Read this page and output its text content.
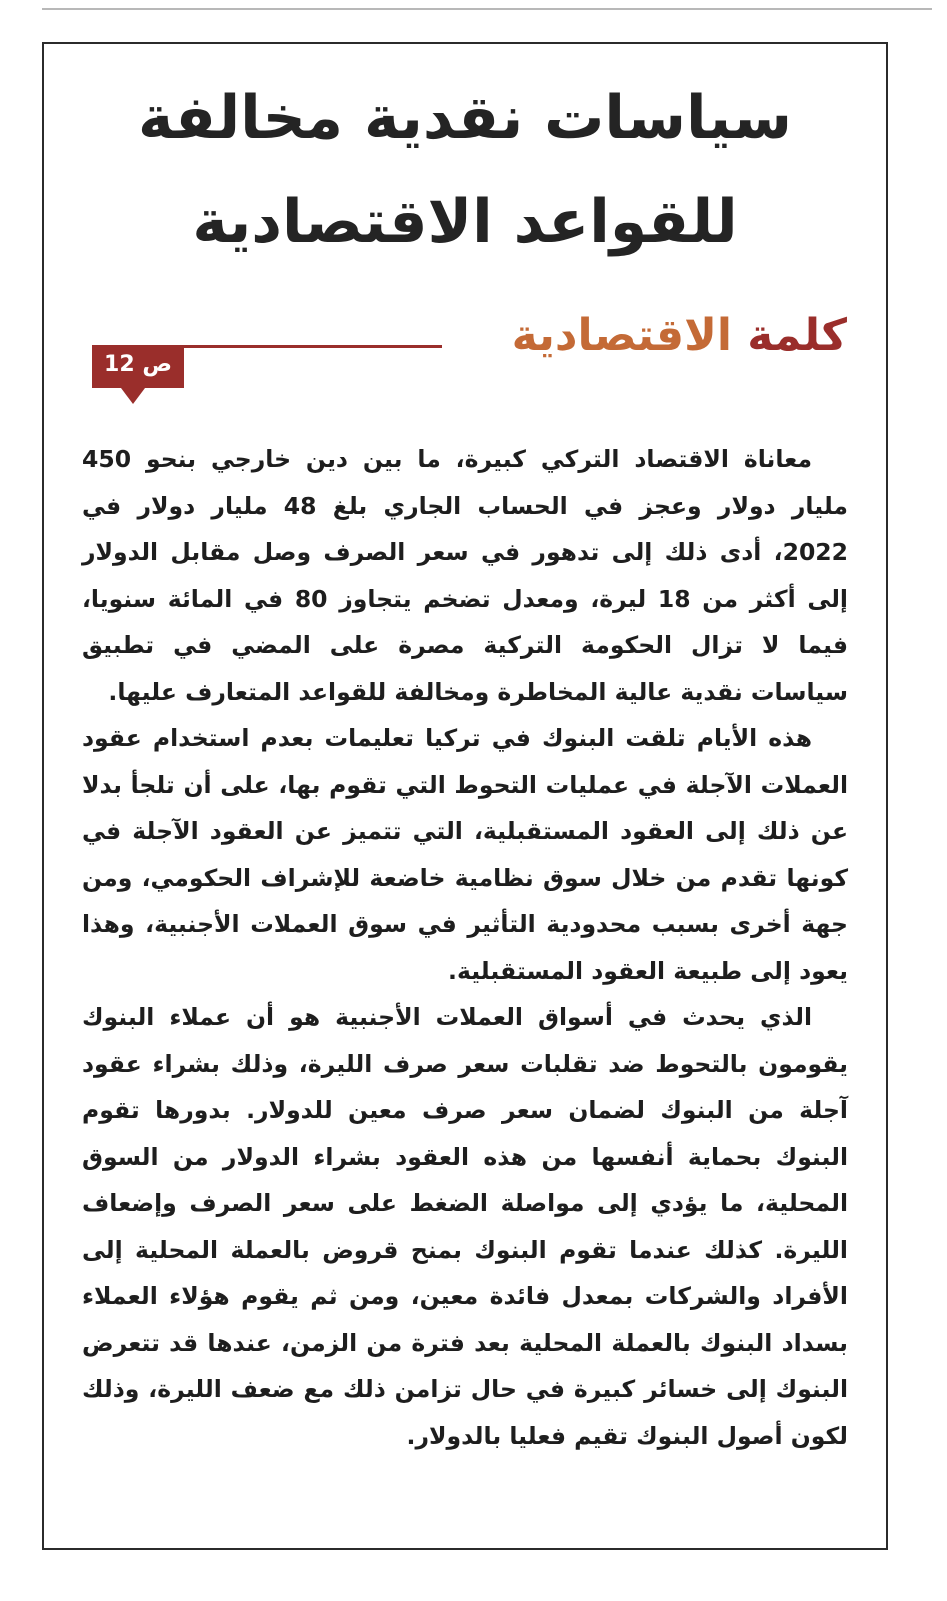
سياسات نقدية مخالفة للقواعد الاقتصادية
كلمة الاقتصادية
ص 12

معاناة الاقتصاد التركي كبيرة، ما بين دين خارجي بنحو 450 مليار دولار وعجز في الحساب الجاري بلغ 48 مليار دولار في 2022، أدى ذلك إلى تدهور في سعر الصرف وصل مقابل الدولار إلى أكثر من 18 ليرة، ومعدل تضخم يتجاوز 80 في المائة سنويا، فيما لا تزال الحكومة التركية مصرة على المضي في تطبيق سياسات نقدية عالية المخاطرة ومخالفة للقواعد المتعارف عليها.

هذه الأيام تلقت البنوك في تركيا تعليمات بعدم استخدام عقود العملات الآجلة في عمليات التحوط التي تقوم بها، على أن تلجأ بدلا عن ذلك إلى العقود المستقبلية، التي تتميز عن العقود الآجلة في كونها تقدم من خلال سوق نظامية خاضعة للإشراف الحكومي، ومن جهة أخرى بسبب محدودية التأثير في سوق العملات الأجنبية، وهذا يعود إلى طبيعة العقود المستقبلية.

الذي يحدث في أسواق العملات الأجنبية هو أن عملاء البنوك يقومون بالتحوط ضد تقلبات سعر صرف الليرة، وذلك بشراء عقود آجلة من البنوك لضمان سعر صرف معين للدولار. بدورها تقوم البنوك بحماية أنفسها من هذه العقود بشراء الدولار من السوق المحلية، ما يؤدي إلى مواصلة الضغط على سعر الصرف وإضعاف الليرة. كذلك عندما تقوم البنوك بمنح قروض بالعملة المحلية إلى الأفراد والشركات بمعدل فائدة معين، ومن ثم يقوم هؤلاء العملاء بسداد البنوك بالعملة المحلية بعد فترة من الزمن، عندها قد تتعرض البنوك إلى خسائر كبيرة في حال تزامن ذلك مع ضعف الليرة، وذلك لكون أصول البنوك تقيم فعليا بالدولار.
